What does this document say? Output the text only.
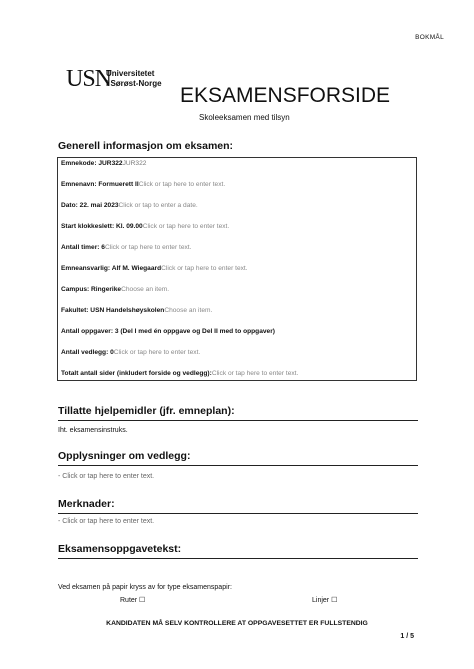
BOKMÅL
USN
Universitetet
i Sørøst-Norge
EKSAMENSFORSIDE
Skoleeksamen med tilsyn
Generell informasjon om eksamen:
Emnekode: JUR322JUR322
Emnenavn: Formuerett IIClick or tap here to enter text.
Dato: 22. mai 2023Click or tap to enter a date.
Start klokkeslett: Kl. 09.00Click or tap here to enter text.
Antall timer: 6Click or tap here to enter text.
Emneansvarlig: Alf M. WiegaardClick or tap here to enter text.
Campus: RingerikeChoose an item.
Fakultet: USN HandelshøyskolenChoose an item.
Antall oppgaver: 3 (Del I med én oppgave og Del II med to oppgaver)
Antall vedlegg: 0Click or tap here to enter text.
Totalt antall sider (inkludert forside og vedlegg):Click or tap here to enter text.
Tillatte hjelpemidler (jfr. emneplan):
Iht. eksamensinstruks.
Opplysninger om vedlegg:
- Click or tap here to enter text.
Merknader:
- Click or tap here to enter text.
Eksamensoppgavetekst:
Ved eksamen på papir kryss av for type eksamenspapir:
Ruter ☐	Linjer ☐
KANDIDATEN MÅ SELV KONTROLLERE AT OPPGAVESETTET ER FULLSTENDIG
1 / 5
